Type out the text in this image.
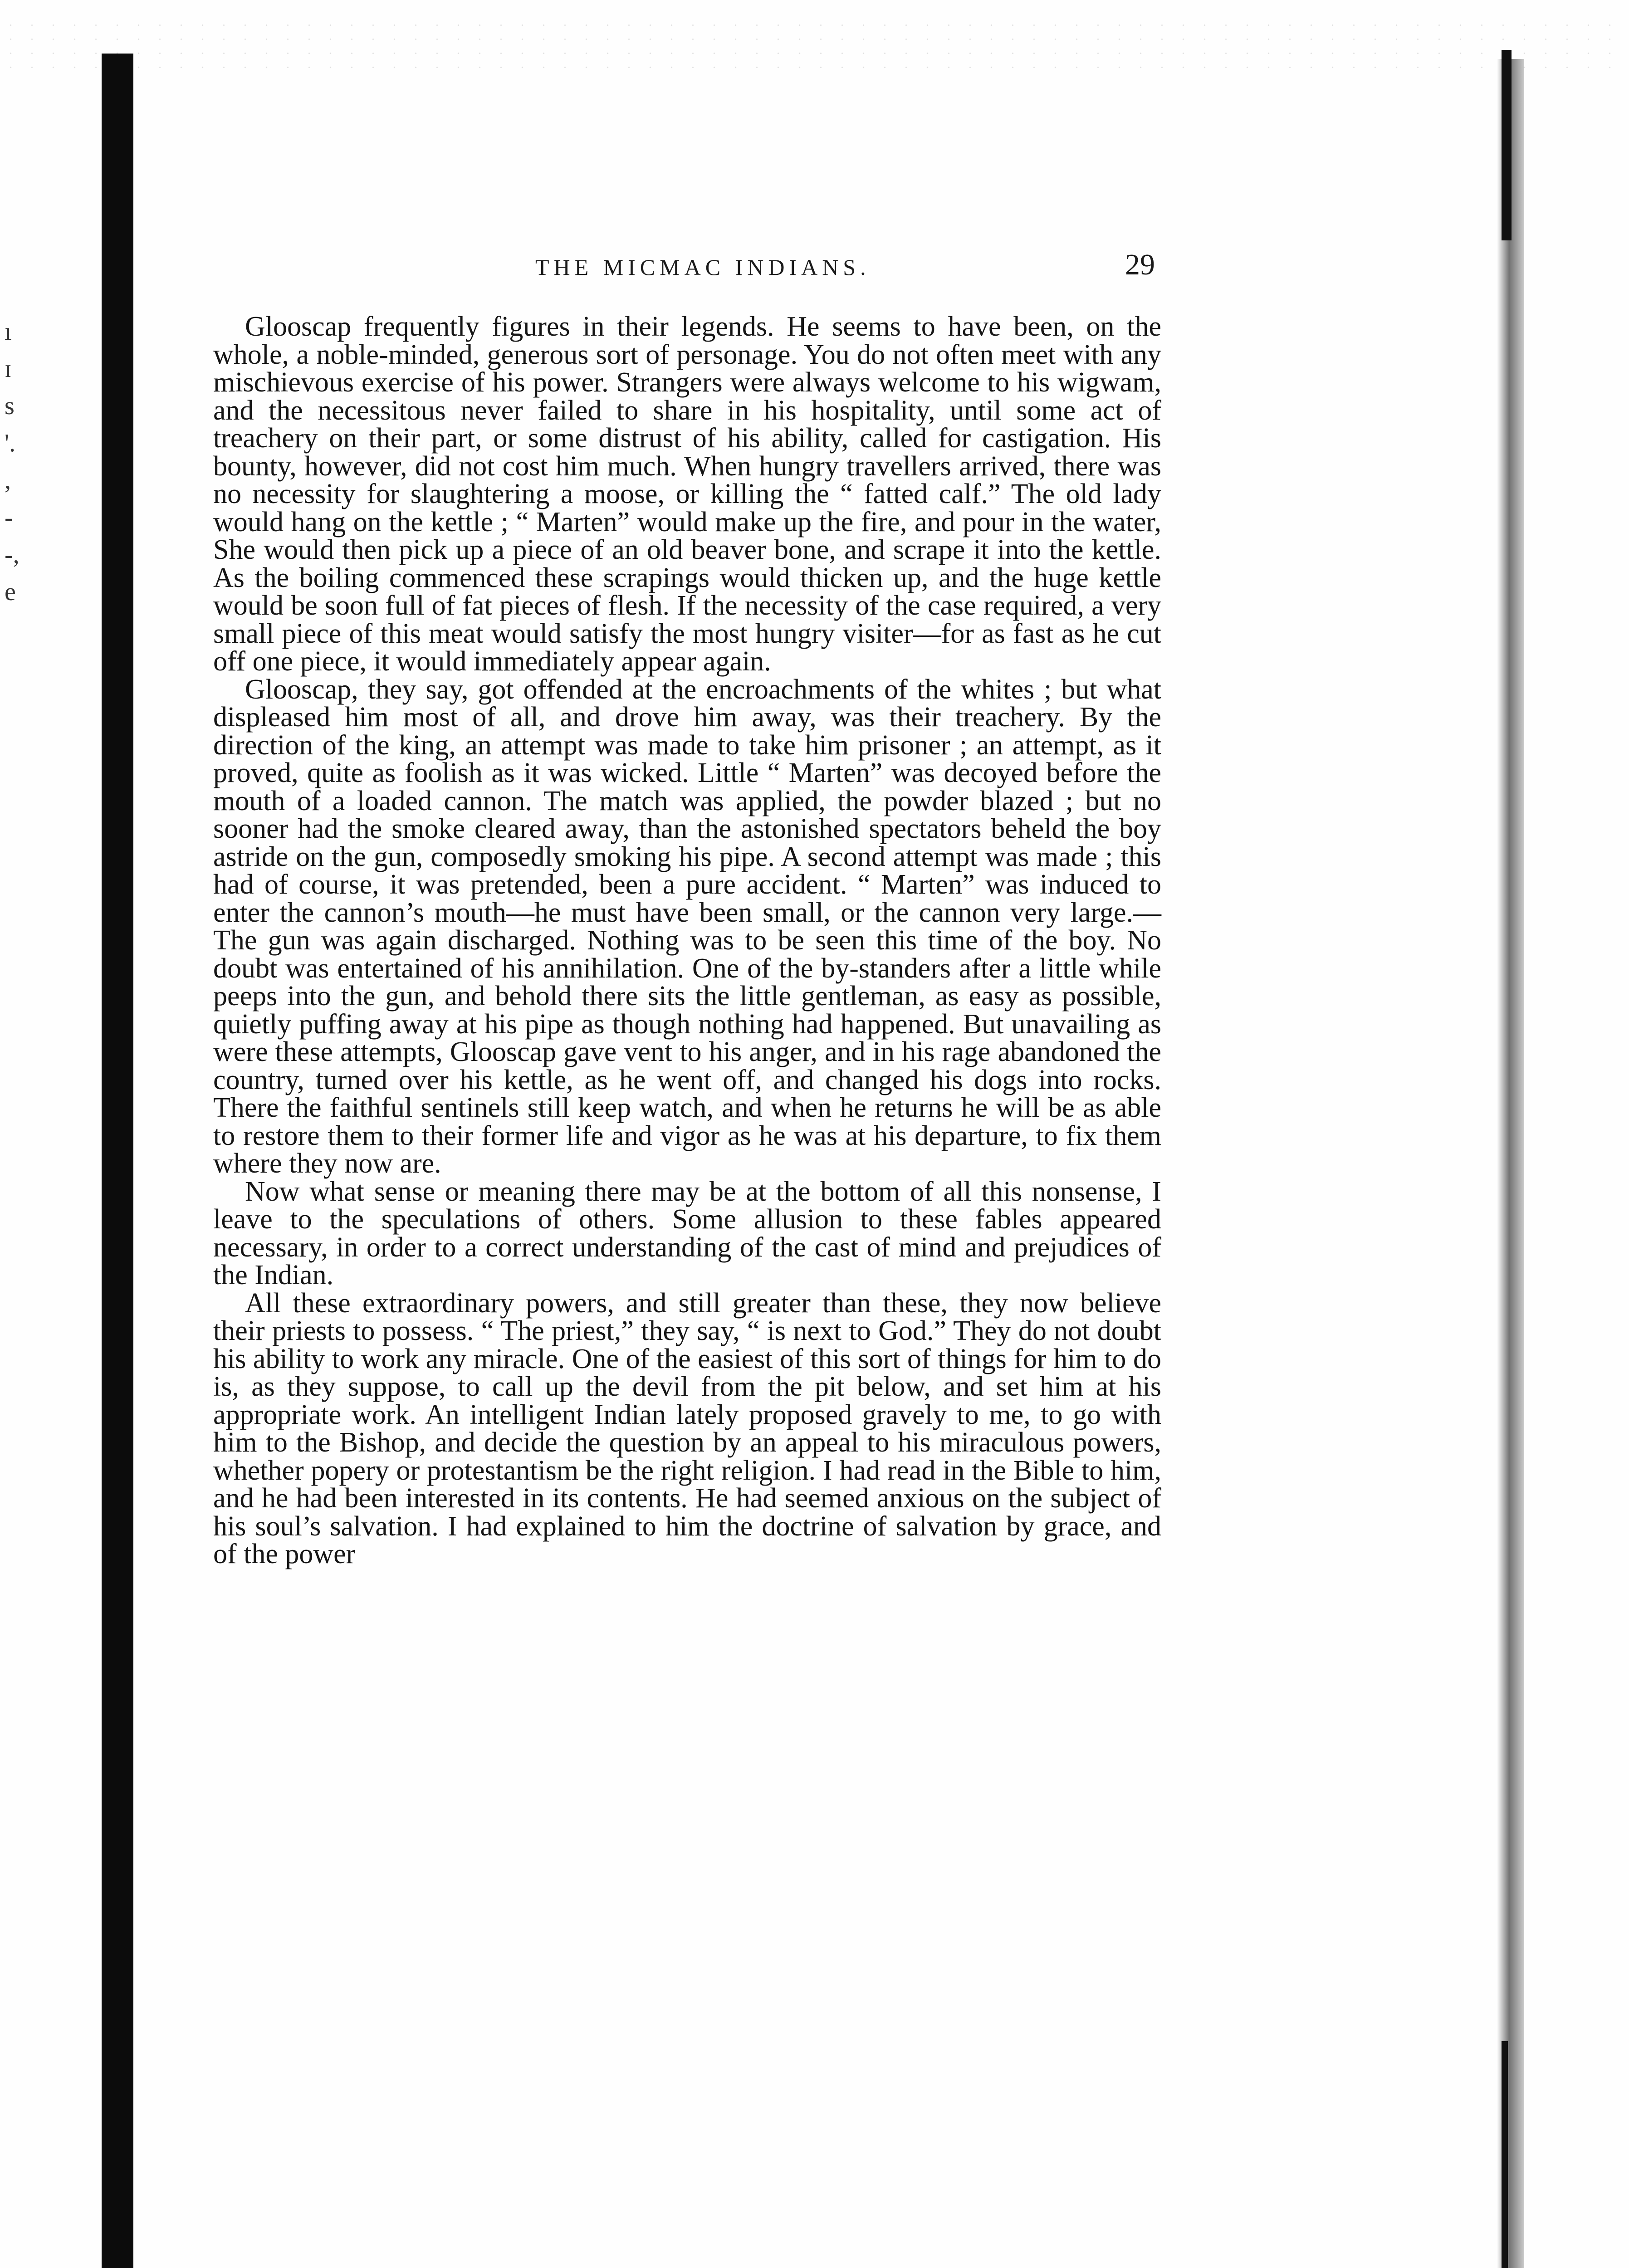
ı
ɪ
s
'.
,
-
-,
e
THE MICMAC INDIANS.	29

Glooscap frequently figures in their legends. He seems to have been, on the whole, a noble-minded, generous sort of personage. You do not often meet with any mischievous exercise of his power. Strangers were always welcome to his wigwam, and the necessitous never failed to share in his hospitality, until some act of treachery on their part, or some distrust of his ability, called for castigation. His bounty, however, did not cost him much. When hungry travellers arrived, there was no necessity for slaughtering a moose, or killing the “ fatted calf.” The old lady would hang on the kettle ; “ Marten” would make up the fire, and pour in the water, She would then pick up a piece of an old beaver bone, and scrape it into the kettle. As the boiling commenced these scrapings would thicken up, and the huge kettle would be soon full of fat pieces of flesh. If the necessity of the case required, a very small piece of this meat would satisfy the most hungry visiter—for as fast as he cut off one piece, it would immediately appear again.

Glooscap, they say, got offended at the encroachments of the whites ; but what displeased him most of all, and drove him away, was their treachery. By the direction of the king, an attempt was made to take him prisoner ; an attempt, as it proved, quite as foolish as it was wicked. Little “ Marten” was decoyed before the mouth of a loaded cannon. The match was applied, the powder blazed ; but no sooner had the smoke cleared away, than the astonished spectators beheld the boy astride on the gun, composedly smoking his pipe. A second attempt was made ; this had of course, it was pretended, been a pure accident. “ Marten” was induced to enter the cannon’s mouth—he must have been small, or the cannon very large.—The gun was again discharged. Nothing was to be seen this time of the boy. No doubt was entertained of his annihilation. One of the by-standers after a little while peeps into the gun, and behold there sits the little gentleman, as easy as possible, quietly puffing away at his pipe as though nothing had happened. But unavailing as were these attempts, Glooscap gave vent to his anger, and in his rage abandoned the country, turned over his kettle, as he went off, and changed his dogs into rocks. There the faithful sentinels still keep watch, and when he returns he will be as able to restore them to their former life and vigor as he was at his departure, to fix them where they now are.

Now what sense or meaning there may be at the bottom of all this nonsense, I leave to the speculations of others. Some allusion to these fables appeared necessary, in order to a correct understanding of the cast of mind and prejudices of the Indian.

All these extraordinary powers, and still greater than these, they now believe their priests to possess. “ The priest,” they say, “ is next to God.” They do not doubt his ability to work any miracle. One of the easiest of this sort of things for him to do is, as they suppose, to call up the devil from the pit below, and set him at his appropriate work. An intelligent Indian lately proposed gravely to me, to go with him to the Bishop, and decide the question by an appeal to his miraculous powers, whether popery or protestantism be the right religion. I had read in the Bible to him, and he had been interested in its contents. He had seemed anxious on the subject of his soul’s salvation. I had explained to him the doctrine of salvation by grace, and of the power
